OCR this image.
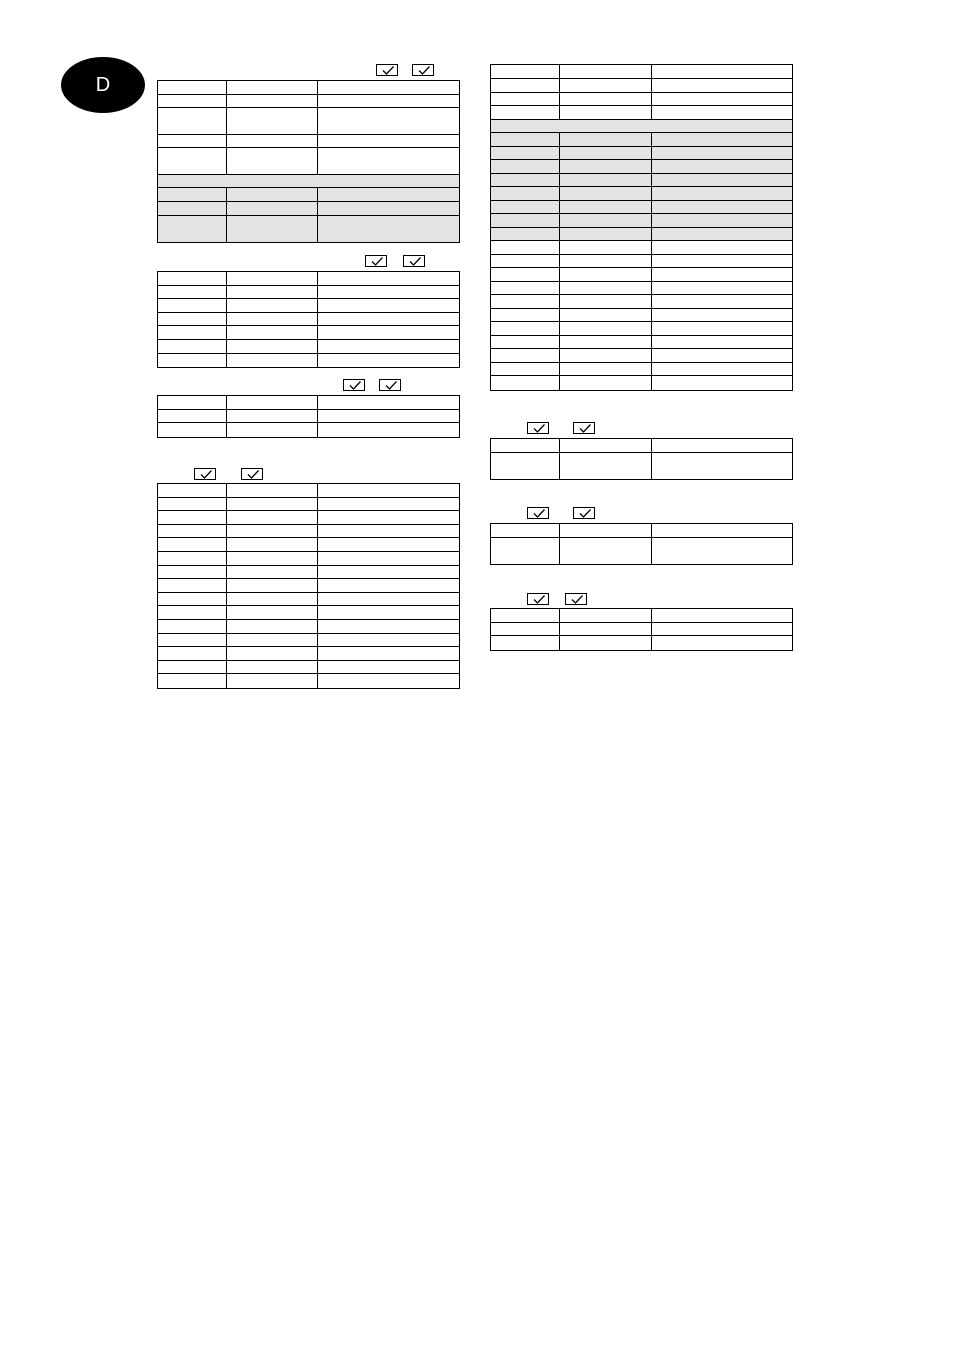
D
